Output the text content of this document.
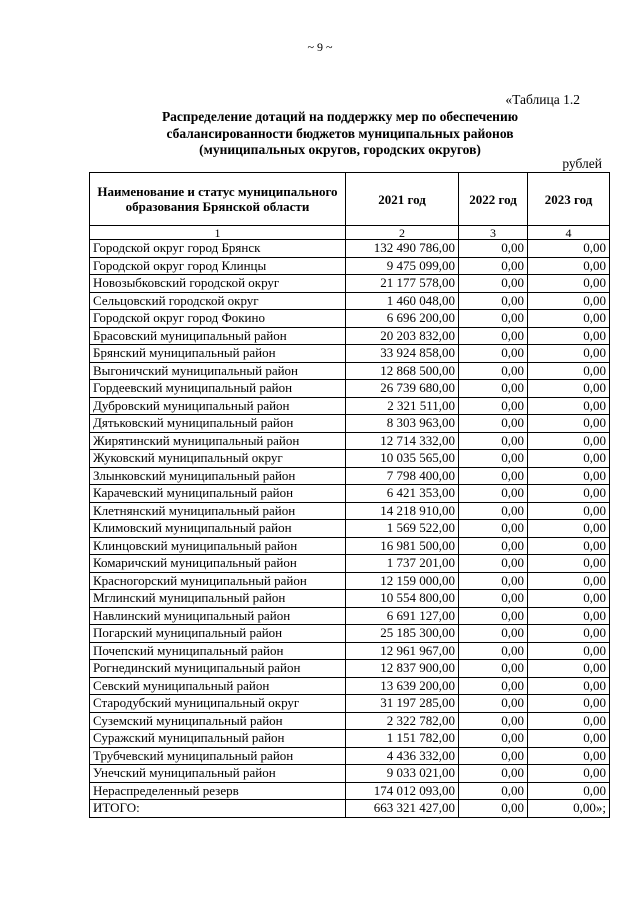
~ 9 ~
«Таблица 1.2
Распределение дотаций на поддержку мер по обеспечению
сбалансированности бюджетов муниципальных районов
(муниципальных округов, городских округов)
рублей
Наименование и статус муниципального образования Брянской области	2021 год	2022 год	2023 год
1	2	3	4
Городской округ город Брянск	132 490 786,00	0,00	0,00
Городской округ город Клинцы	9 475 099,00	0,00	0,00
Новозыбковский городской округ	21 177 578,00	0,00	0,00
Сельцовский городской округ	1 460 048,00	0,00	0,00
Городской округ город Фокино	6 696 200,00	0,00	0,00
Брасовский муниципальный район	20 203 832,00	0,00	0,00
Брянский муниципальный район	33 924 858,00	0,00	0,00
Выгоничский муниципальный район	12 868 500,00	0,00	0,00
Гордеевский муниципальный район	26 739 680,00	0,00	0,00
Дубровский муниципальный район	2 321 511,00	0,00	0,00
Дятьковский муниципальный район	8 303 963,00	0,00	0,00
Жирятинский муниципальный район	12 714 332,00	0,00	0,00
Жуковский муниципальный округ	10 035 565,00	0,00	0,00
Злынковский муниципальный район	7 798 400,00	0,00	0,00
Карачевский муниципальный район	6 421 353,00	0,00	0,00
Клетнянский муниципальный район	14 218 910,00	0,00	0,00
Климовский муниципальный район	1 569 522,00	0,00	0,00
Клинцовский муниципальный район	16 981 500,00	0,00	0,00
Комаричский муниципальный район	1 737 201,00	0,00	0,00
Красногорский муниципальный район	12 159 000,00	0,00	0,00
Мглинский муниципальный район	10 554 800,00	0,00	0,00
Навлинский муниципальный район	6 691 127,00	0,00	0,00
Погарский муниципальный район	25 185 300,00	0,00	0,00
Почепский муниципальный район	12 961 967,00	0,00	0,00
Рогнединский муниципальный район	12 837 900,00	0,00	0,00
Севский муниципальный район	13 639 200,00	0,00	0,00
Стародубский муниципальный округ	31 197 285,00	0,00	0,00
Суземский муниципальный район	2 322 782,00	0,00	0,00
Суражский муниципальный район	1 151 782,00	0,00	0,00
Трубчевский муниципальный район	4 436 332,00	0,00	0,00
Унечский муниципальный район	9 033 021,00	0,00	0,00
Нераспределенный резерв	174 012 093,00	0,00	0,00
ИТОГО:	663 321 427,00	0,00	0,00»;
